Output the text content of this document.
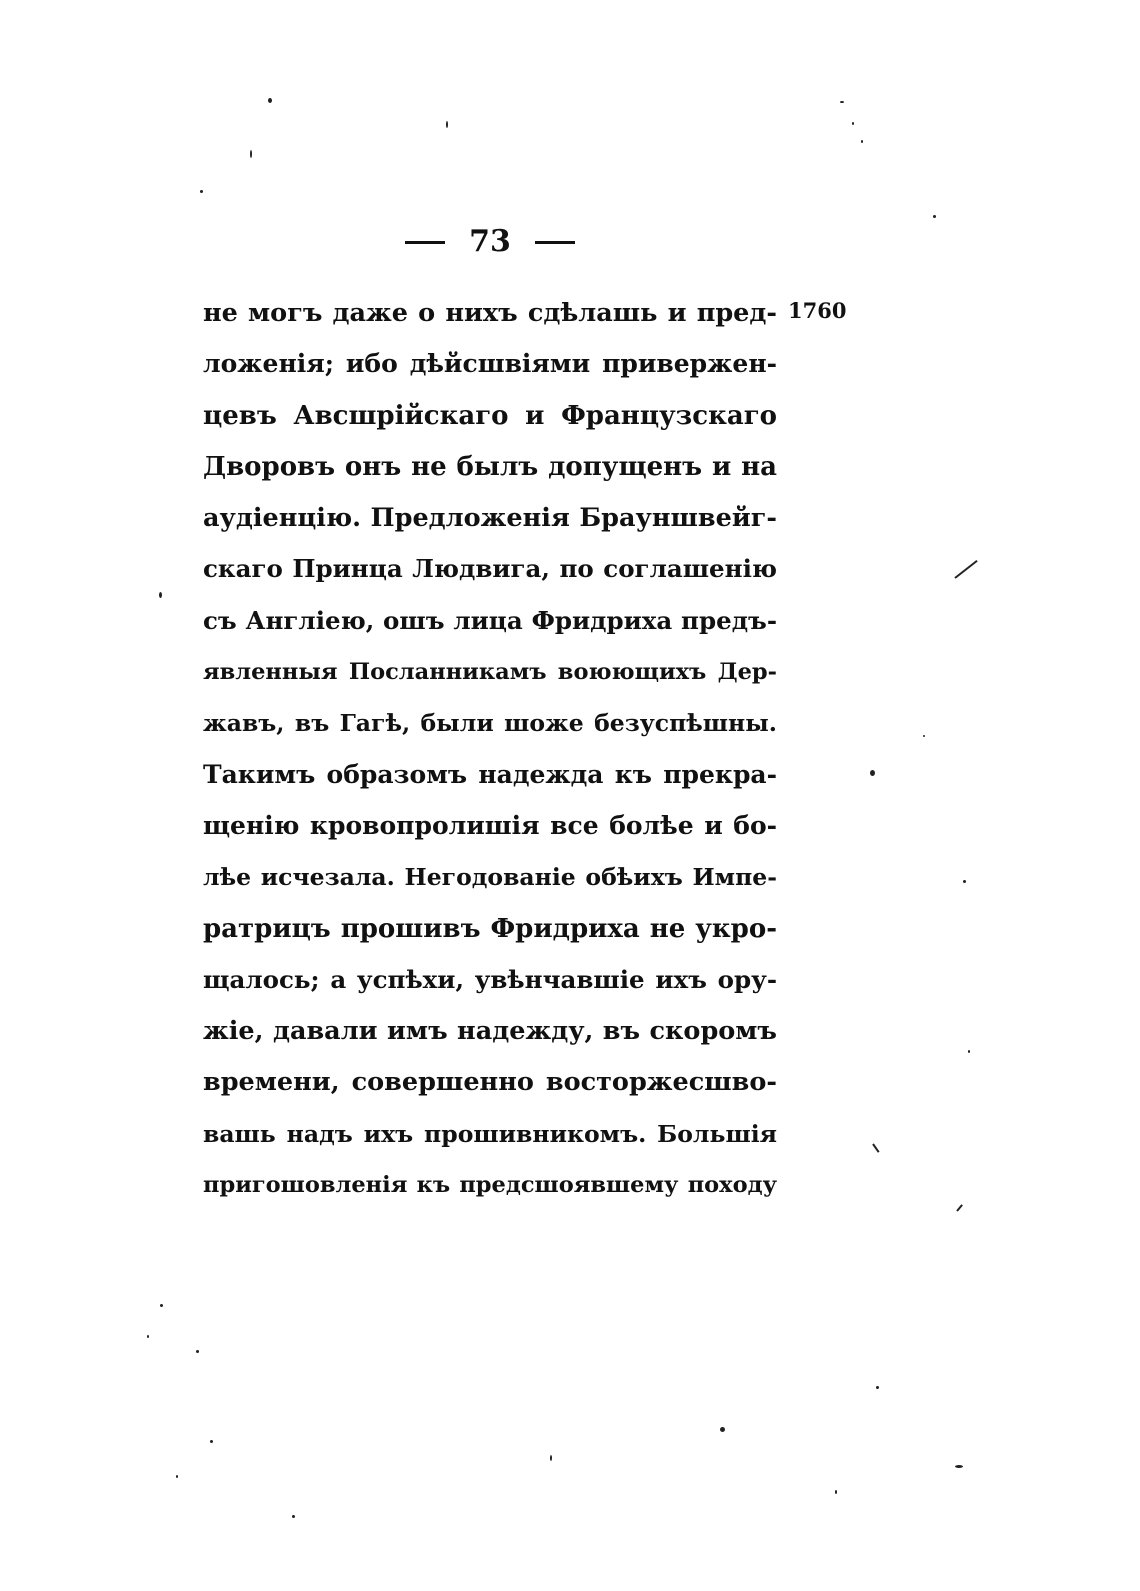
73
1760
не могъ даже о нихъ сдѣлашь и пред-
ложенія; ибо дѣйсшвіями привержен-
цевъ Авсшрійскаго и Французскаго
Дворовъ онъ не былъ допущенъ и на
аудіенцію. Предложенія Брауншвейг-
скаго Принца Людвига, по соглашенію
съ Англіею, ошъ лица Фридриха предъ-
явленныя Посланникамъ воюющихъ Дер-
жавъ, въ Гагѣ, были шоже безуспѣшны.
Такимъ образомъ надежда къ прекра-
щенію кровопролишія все болѣе и бо-
лѣе исчезала. Негодованіе обѣихъ Импе-
ратрицъ прошивъ Фридриха не укро-
щалось; а успѣхи, увѣнчавшіе ихъ ору-
жіе, давали имъ надежду, въ скоромъ
времени, совершенно восторжесшво-
вашь надъ ихъ прошивникомъ. Большія
пригошовленія къ предсшоявшему походу
